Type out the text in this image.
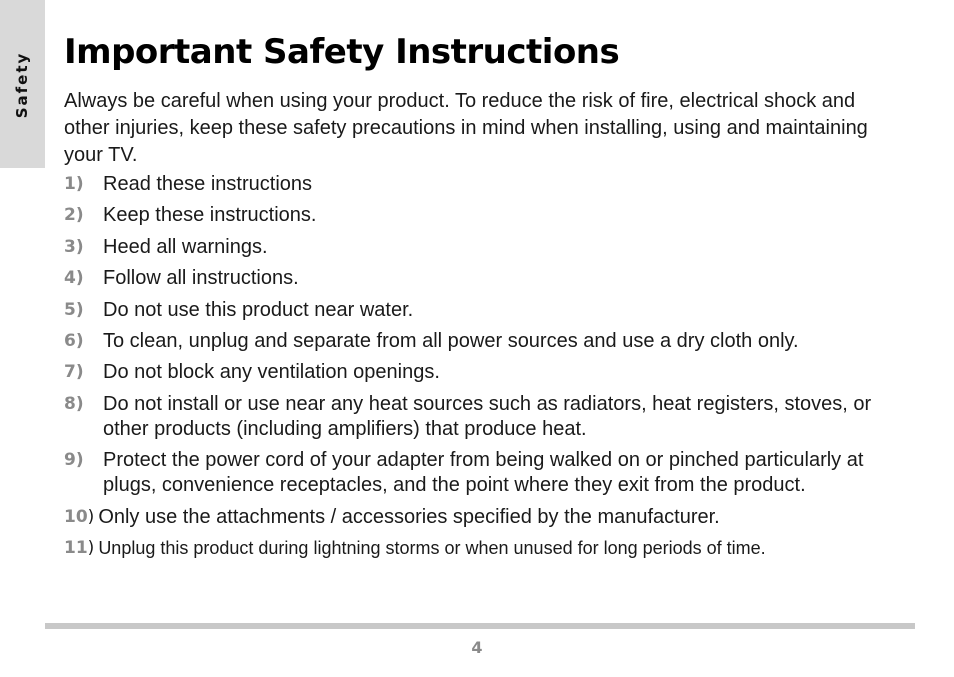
Safety Important Safety Instructions

Always be careful when using your product. To reduce the risk of fire, electrical shock and other injuries, keep these safety precautions in mind when installing, using and maintaining your TV.

1) Read these instructions
2) Keep these instructions.
3) Heed all warnings.
4) Follow all instructions.
5) Do not use this product near water.
6) To clean, unplug and separate from all power sources and use a dry cloth only.
7) Do not block any ventilation openings.
8) Do not install or use near any heat sources such as radiators, heat registers, stoves, or other products (including amplifiers) that produce heat.
9) Protect the power cord of your adapter from being walked on or pinched particularly at plugs, convenience receptacles, and the point where they exit from the product.
10) Only use the attachments / accessories specified by the manufacturer.
11) Unplug this product during lightning storms or when unused for long periods of time.
4
